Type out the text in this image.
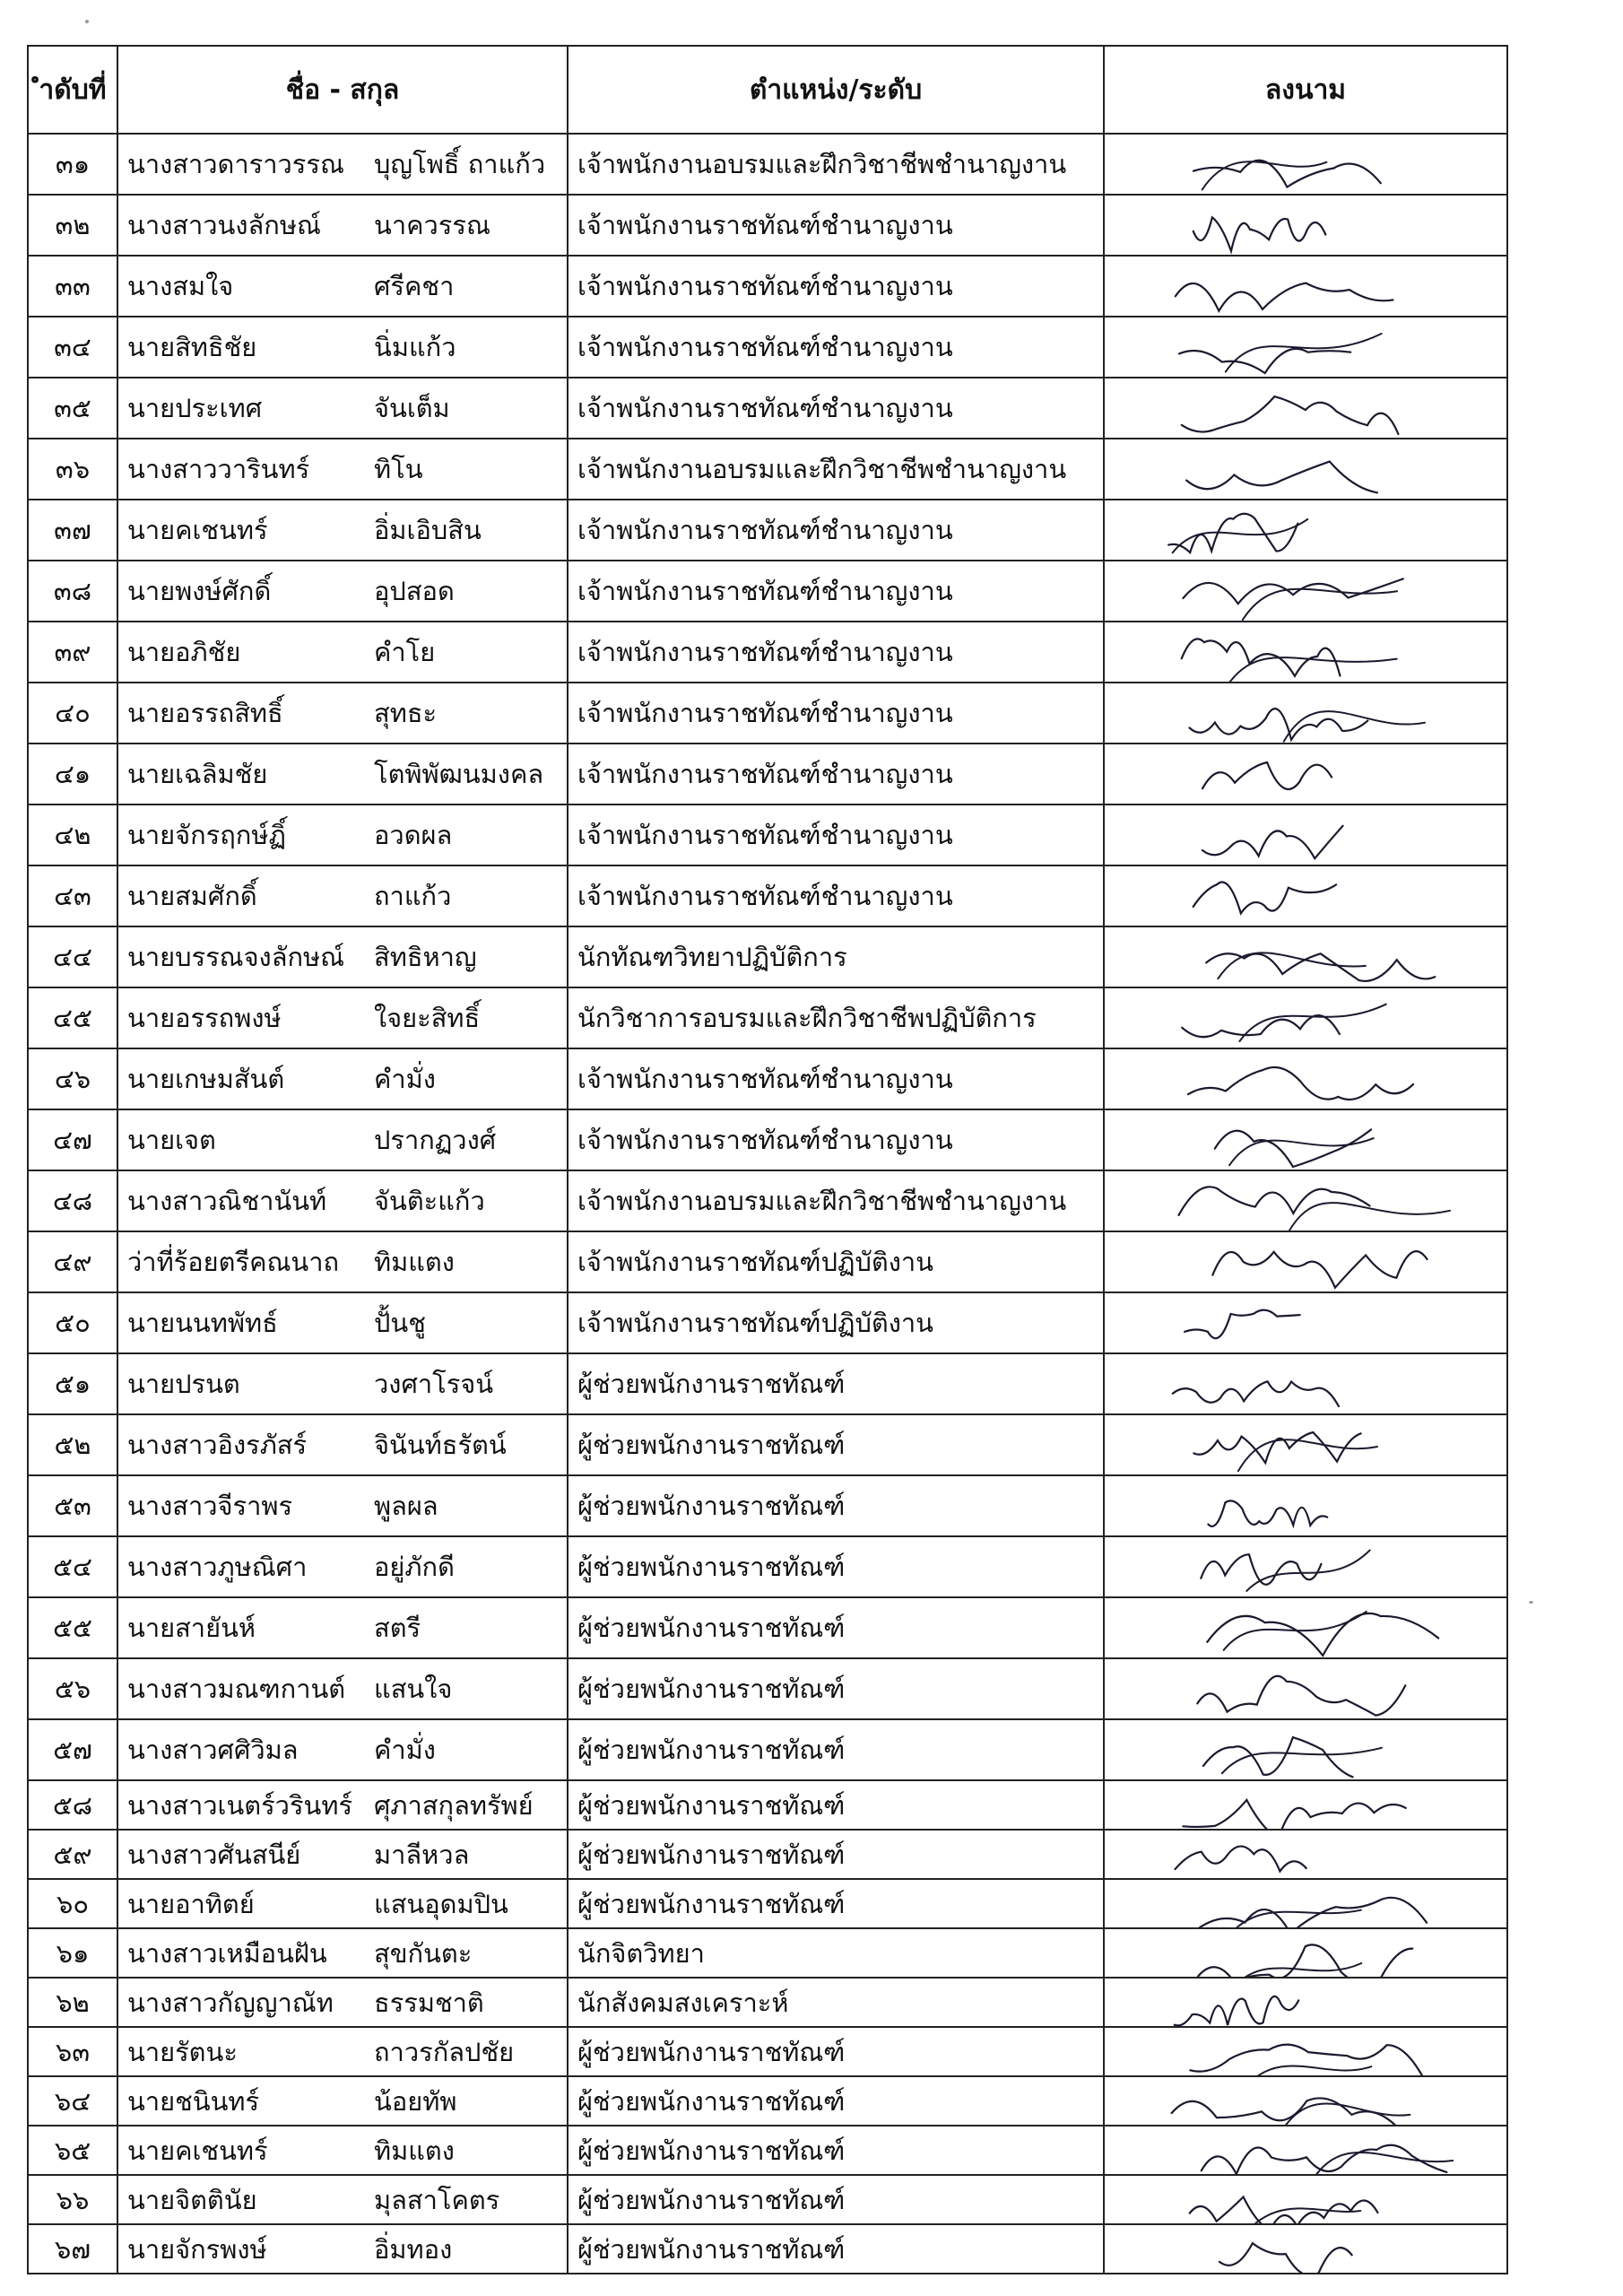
ำดับที่	ชื่อ - สกุล	ตำแหน่ง/ระดับ	ลงนาม
๓๑	นางสาวดาราวรรณ บุญโพธิ์ ถาแก้ว	เจ้าพนักงานอบรมและฝึกวิชาชีพชำนาญงาน	

๓๒	นางสาวนงลักษณ์ นาควรรณ	เจ้าพนักงานราชทัณฑ์ชำนาญงาน	

๓๓	นางสมใจ ศรีคชา	เจ้าพนักงานราชทัณฑ์ชำนาญงาน	

๓๔	นายสิทธิชัย นิ่มแก้ว	เจ้าพนักงานราชทัณฑ์ชำนาญงาน	

๓๕	นายประเทศ จันเต็ม	เจ้าพนักงานราชทัณฑ์ชำนาญงาน	

๓๖	นางสาววารินทร์ ทิโน	เจ้าพนักงานอบรมและฝึกวิชาชีพชำนาญงาน	

๓๗	นายคเชนทร์ อิ่มเอิบสิน	เจ้าพนักงานราชทัณฑ์ชำนาญงาน	

๓๘	นายพงษ์ศักดิ์ อุปสอด	เจ้าพนักงานราชทัณฑ์ชำนาญงาน	

๓๙	นายอภิชัย คำโย	เจ้าพนักงานราชทัณฑ์ชำนาญงาน	

๔๐	นายอรรถสิทธิ์ สุทธะ	เจ้าพนักงานราชทัณฑ์ชำนาญงาน	

๔๑	นายเฉลิมชัย โตพิพัฒนมงคล	เจ้าพนักงานราชทัณฑ์ชำนาญงาน	

๔๒	นายจักรฤกษ์ฏิ์ อวดผล	เจ้าพนักงานราชทัณฑ์ชำนาญงาน	

๔๓	นายสมศักดิ์ ถาแก้ว	เจ้าพนักงานราชทัณฑ์ชำนาญงาน	

๔๔	นายบรรณจงลักษณ์ สิทธิหาญ	นักทัณฑวิทยาปฏิบัติการ	

๔๕	นายอรรถพงษ์ ใจยะสิทธิ์	นักวิชาการอบรมและฝึกวิชาชีพปฏิบัติการ	

๔๖	นายเกษมสันต์ คำมั่ง	เจ้าพนักงานราชทัณฑ์ชำนาญงาน	

๔๗	นายเจต ปรากฏวงศ์	เจ้าพนักงานราชทัณฑ์ชำนาญงาน	

๔๘	นางสาวณิชานันท์ จันติะแก้ว	เจ้าพนักงานอบรมและฝึกวิชาชีพชำนาญงาน	

๔๙	ว่าที่ร้อยตรีคณนาถ ทิมแตง	เจ้าพนักงานราชทัณฑ์ปฏิบัติงาน	

๕๐	นายนนทพัทธ์ ปั้นชู	เจ้าพนักงานราชทัณฑ์ปฏิบัติงาน	

๕๑	นายปรนต วงศาโรจน์	ผู้ช่วยพนักงานราชทัณฑ์	

๕๒	นางสาวอิงรภัสร์ จินันท์ธรัตน์	ผู้ช่วยพนักงานราชทัณฑ์	

๕๓	นางสาวจีราพร พูลผล	ผู้ช่วยพนักงานราชทัณฑ์	

๕๔	นางสาวภูษณิศา อยู่ภักดี	ผู้ช่วยพนักงานราชทัณฑ์	

๕๕	นายสายันห์ สตรี	ผู้ช่วยพนักงานราชทัณฑ์	

๕๖	นางสาวมณฑกานต์ แสนใจ	ผู้ช่วยพนักงานราชทัณฑ์	

๕๗	นางสาวศศิวิมล คำมั่ง	ผู้ช่วยพนักงานราชทัณฑ์	

๕๘	นางสาวเนตร์วรินทร์ ศุภาสกุลทรัพย์	ผู้ช่วยพนักงานราชทัณฑ์	

๕๙	นางสาวศันสนีย์ มาลีหวล	ผู้ช่วยพนักงานราชทัณฑ์	

๖๐	นายอาทิตย์ แสนอุดมปิน	ผู้ช่วยพนักงานราชทัณฑ์	

๖๑	นางสาวเหมือนฝัน สุขกันตะ	นักจิตวิทยา	

๖๒	นางสาวกัญญาณัท ธรรมชาติ	นักสังคมสงเคราะห์	

๖๓	นายรัตนะ ถาวรกัลปชัย	ผู้ช่วยพนักงานราชทัณฑ์	

๖๔	นายชนินทร์ น้อยทัพ	ผู้ช่วยพนักงานราชทัณฑ์	

๖๕	นายคเชนทร์ ทิมแตง	ผู้ช่วยพนักงานราชทัณฑ์	

๖๖	นายจิตตินัย มุลสาโคตร	ผู้ช่วยพนักงานราชทัณฑ์	

๖๗	นายจักรพงษ์ อิ่มทอง	ผู้ช่วยพนักงานราชทัณฑ์	
